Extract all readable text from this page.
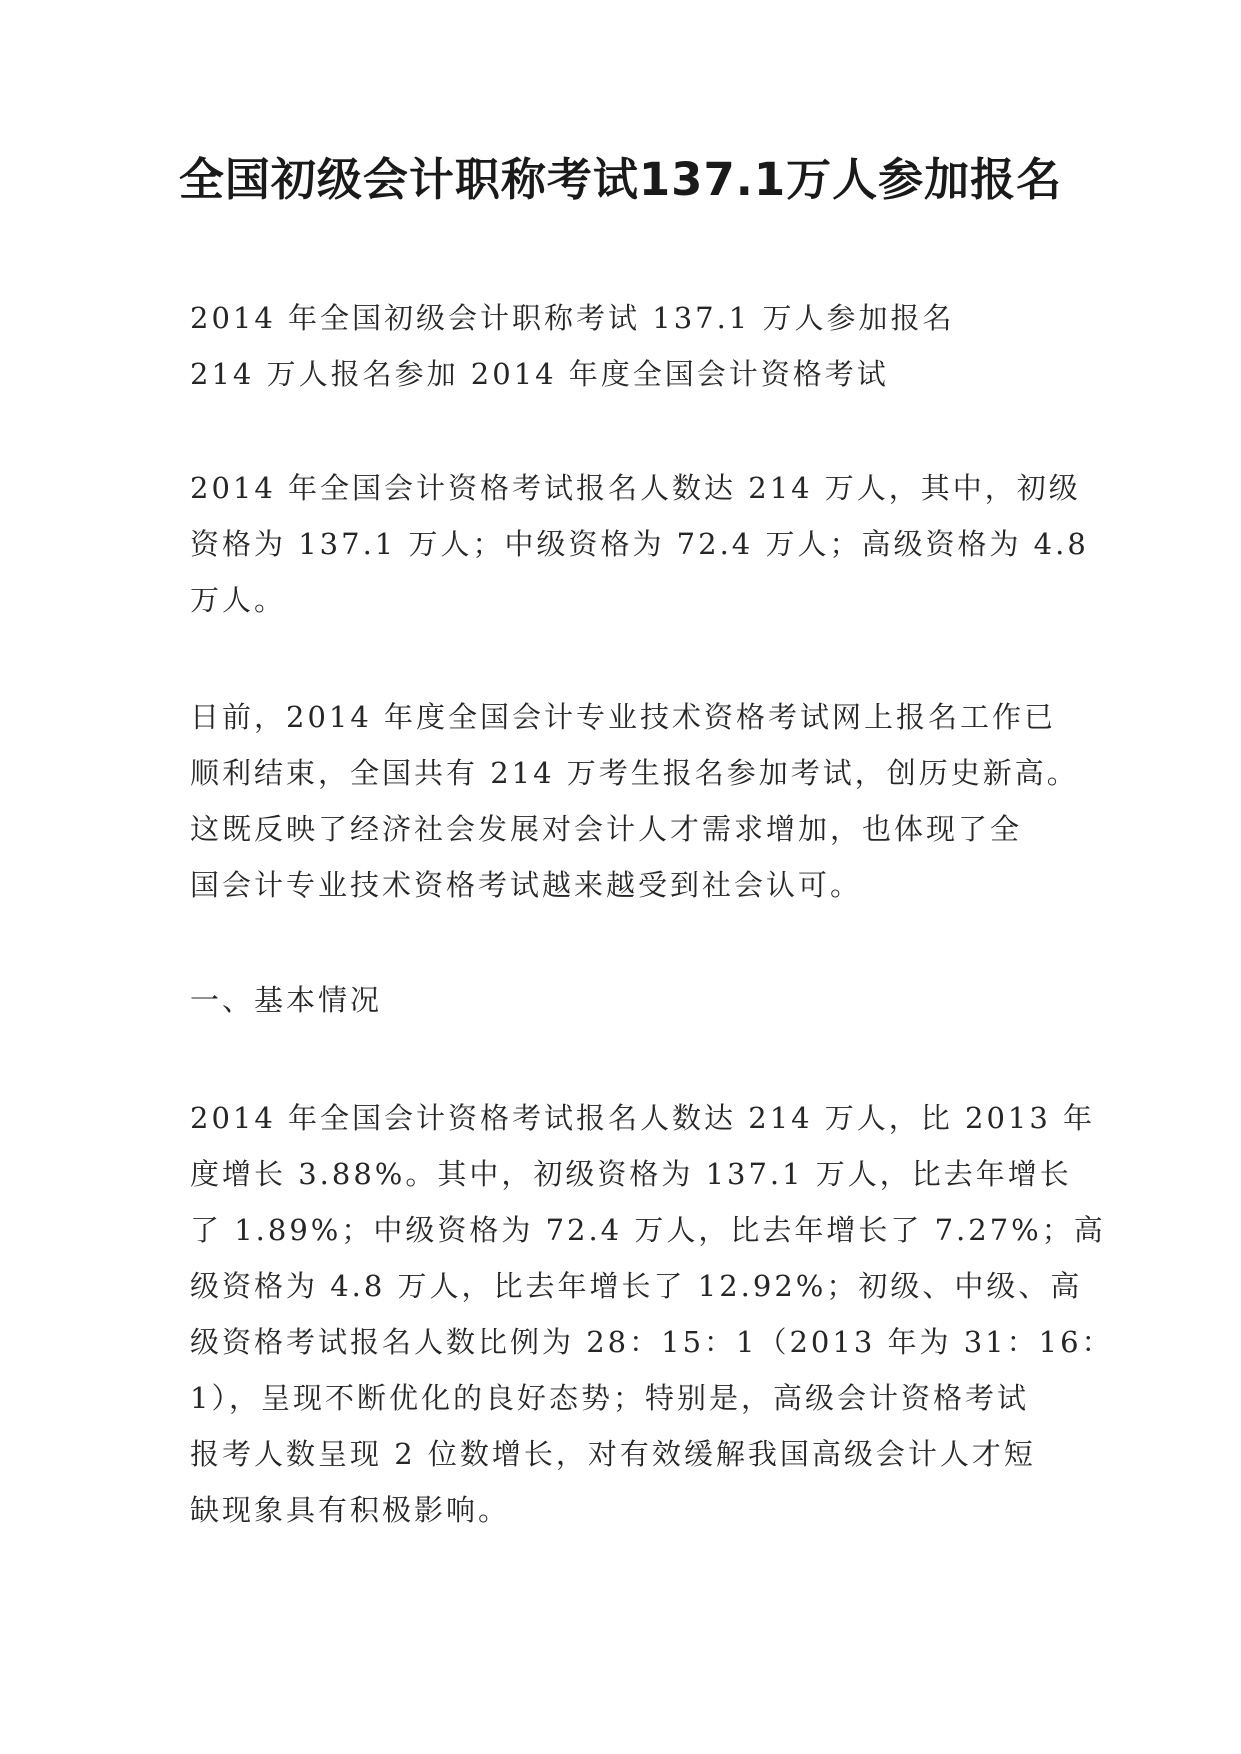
全国初级会计职称考试137.1万人参加报名

2014 年全国初级会计职称考试 137.1 万人参加报名

214 万人报名参加 2014 年度全国会计资格考试

2014 年全国会计资格考试报名人数达 214 万人，其中，初级

资格为 137.1 万人；中级资格为 72.4 万人；高级资格为 4.8

万人。

日前，2014 年度全国会计专业技术资格考试网上报名工作已

顺利结束，全国共有 214 万考生报名参加考试，创历史新高。

这既反映了经济社会发展对会计人才需求增加，也体现了全

国会计专业技术资格考试越来越受到社会认可。

一、基本情况

2014 年全国会计资格考试报名人数达 214 万人，比 2013 年

度增长 3.88%。其中，初级资格为 137.1 万人，比去年增长

了 1.89%；中级资格为 72.4 万人，比去年增长了 7.27%；高

级资格为 4.8 万人，比去年增长了 12.92%；初级、中级、高

级资格考试报名人数比例为 28：15：1（2013 年为 31：16：

1），呈现不断优化的良好态势；特别是，高级会计资格考试

报考人数呈现 2 位数增长，对有效缓解我国高级会计人才短

缺现象具有积极影响。
